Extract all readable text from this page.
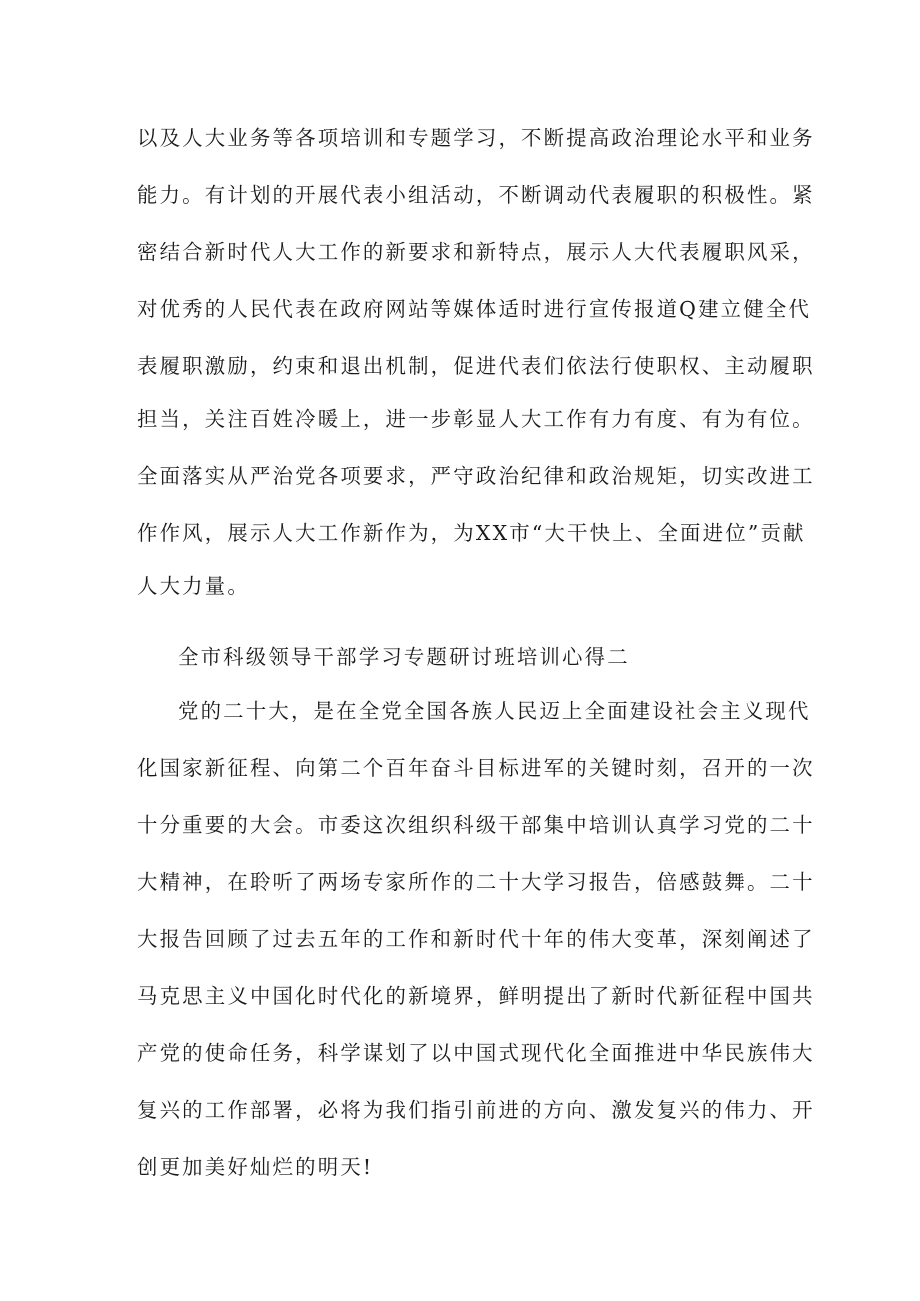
以及人大业务等各项培训和专题学习，不断提高政治理论水平和业务

能力。有计划的开展代表小组活动，不断调动代表履职的积极性。紧

密结合新时代人大工作的新要求和新特点，展示人大代表履职风采，

对优秀的人民代表在政府网站等媒体适时进行宣传报道Q建立健全代

表履职激励，约束和退出机制，促进代表们依法行使职权、主动履职

担当，关注百姓冷暖上，进一步彰显人大工作有力有度、有为有位。

全面落实从严治党各项要求，严守政治纪律和政治规矩，切实改进工

作作风，展示人大工作新作为，为XX市“大干快上、全面进位”贡献

人大力量。

全市科级领导干部学习专题研讨班培训心得二

党的二十大，是在全党全国各族人民迈上全面建设社会主义现代

化国家新征程、向第二个百年奋斗目标进军的关键时刻，召开的一次

十分重要的大会。市委这次组织科级干部集中培训认真学习党的二十

大精神，在聆听了两场专家所作的二十大学习报告，倍感鼓舞。二十

大报告回顾了过去五年的工作和新时代十年的伟大变革，深刻阐述了

马克思主义中国化时代化的新境界，鲜明提出了新时代新征程中国共

产党的使命任务，科学谋划了以中国式现代化全面推进中华民族伟大

复兴的工作部署，必将为我们指引前进的方向、激发复兴的伟力、开

创更加美好灿烂的明天!
